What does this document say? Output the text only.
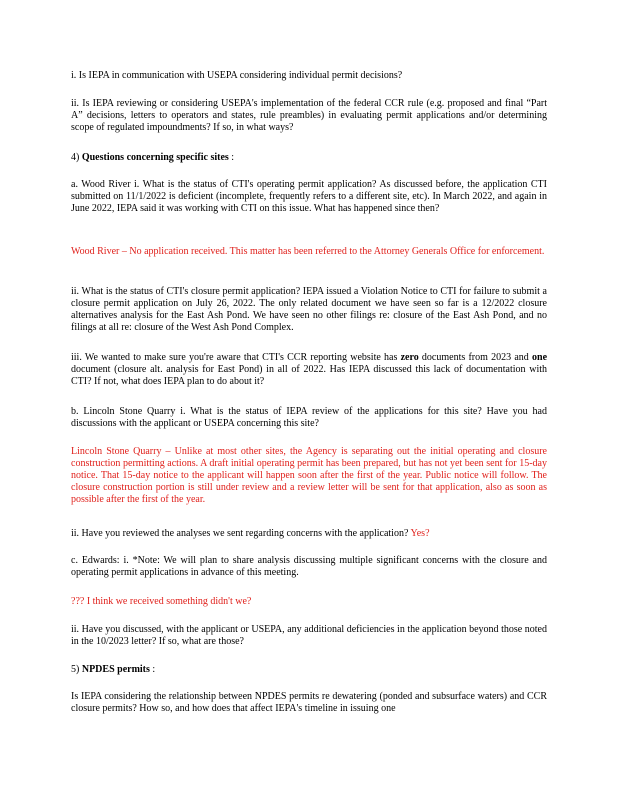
i. Is IEPA in communication with USEPA considering individual permit decisions?

ii. Is IEPA reviewing or considering USEPA's implementation of the federal CCR rule (e.g. proposed and final “Part A” decisions, letters to operators and states, rule preambles) in evaluating permit applications and/or determining scope of regulated impoundments? If so, in what ways?

4) Questions concerning specific sites :

a. Wood River i. What is the status of CTI's operating permit application? As discussed before, the application CTI submitted on 11/1/2022 is deficient (incomplete, frequently refers to a different site, etc). In March 2022, and again in June 2022, IEPA said it was working with CTI on this issue. What has happened since then?

Wood River – No application received. This matter has been referred to the Attorney Generals Office for enforcement.

ii. What is the status of CTI's closure permit application? IEPA issued a Violation Notice to CTI for failure to submit a closure permit application on July 26, 2022. The only related document we have seen so far is a 12/2022 closure alternatives analysis for the East Ash Pond. We have seen no other filings re: closure of the East Ash Pond, and no filings at all re: closure of the West Ash Pond Complex.

iii. We wanted to make sure you're aware that CTI's CCR reporting website has zero documents from 2023 and one document (closure alt. analysis for East Pond) in all of 2022. Has IEPA discussed this lack of documentation with CTI? If not, what does IEPA plan to do about it?

b. Lincoln Stone Quarry i. What is the status of IEPA review of the applications for this site? Have you had discussions with the applicant or USEPA concerning this site?

Lincoln Stone Quarry – Unlike at most other sites, the Agency is separating out the initial operating and closure construction permitting actions. A draft initial operating permit has been prepared, but has not yet been sent for 15-day notice. That 15-day notice to the applicant will happen soon after the first of the year. Public notice will follow. The closure construction portion is still under review and a review letter will be sent for that application, also as soon as possible after the first of the year.

ii. Have you reviewed the analyses we sent regarding concerns with the application? Yes?

c. Edwards: i. *Note: We will plan to share analysis discussing multiple significant concerns with the closure and operating permit applications in advance of this meeting.

??? I think we received something didn't we?

ii. Have you discussed, with the applicant or USEPA, any additional deficiencies in the application beyond those noted in the 10/2023 letter? If so, what are those?

5) NPDES permits :

Is IEPA considering the relationship between NPDES permits re dewatering (ponded and subsurface waters) and CCR closure permits? How so, and how does that affect IEPA's timeline in issuing one
